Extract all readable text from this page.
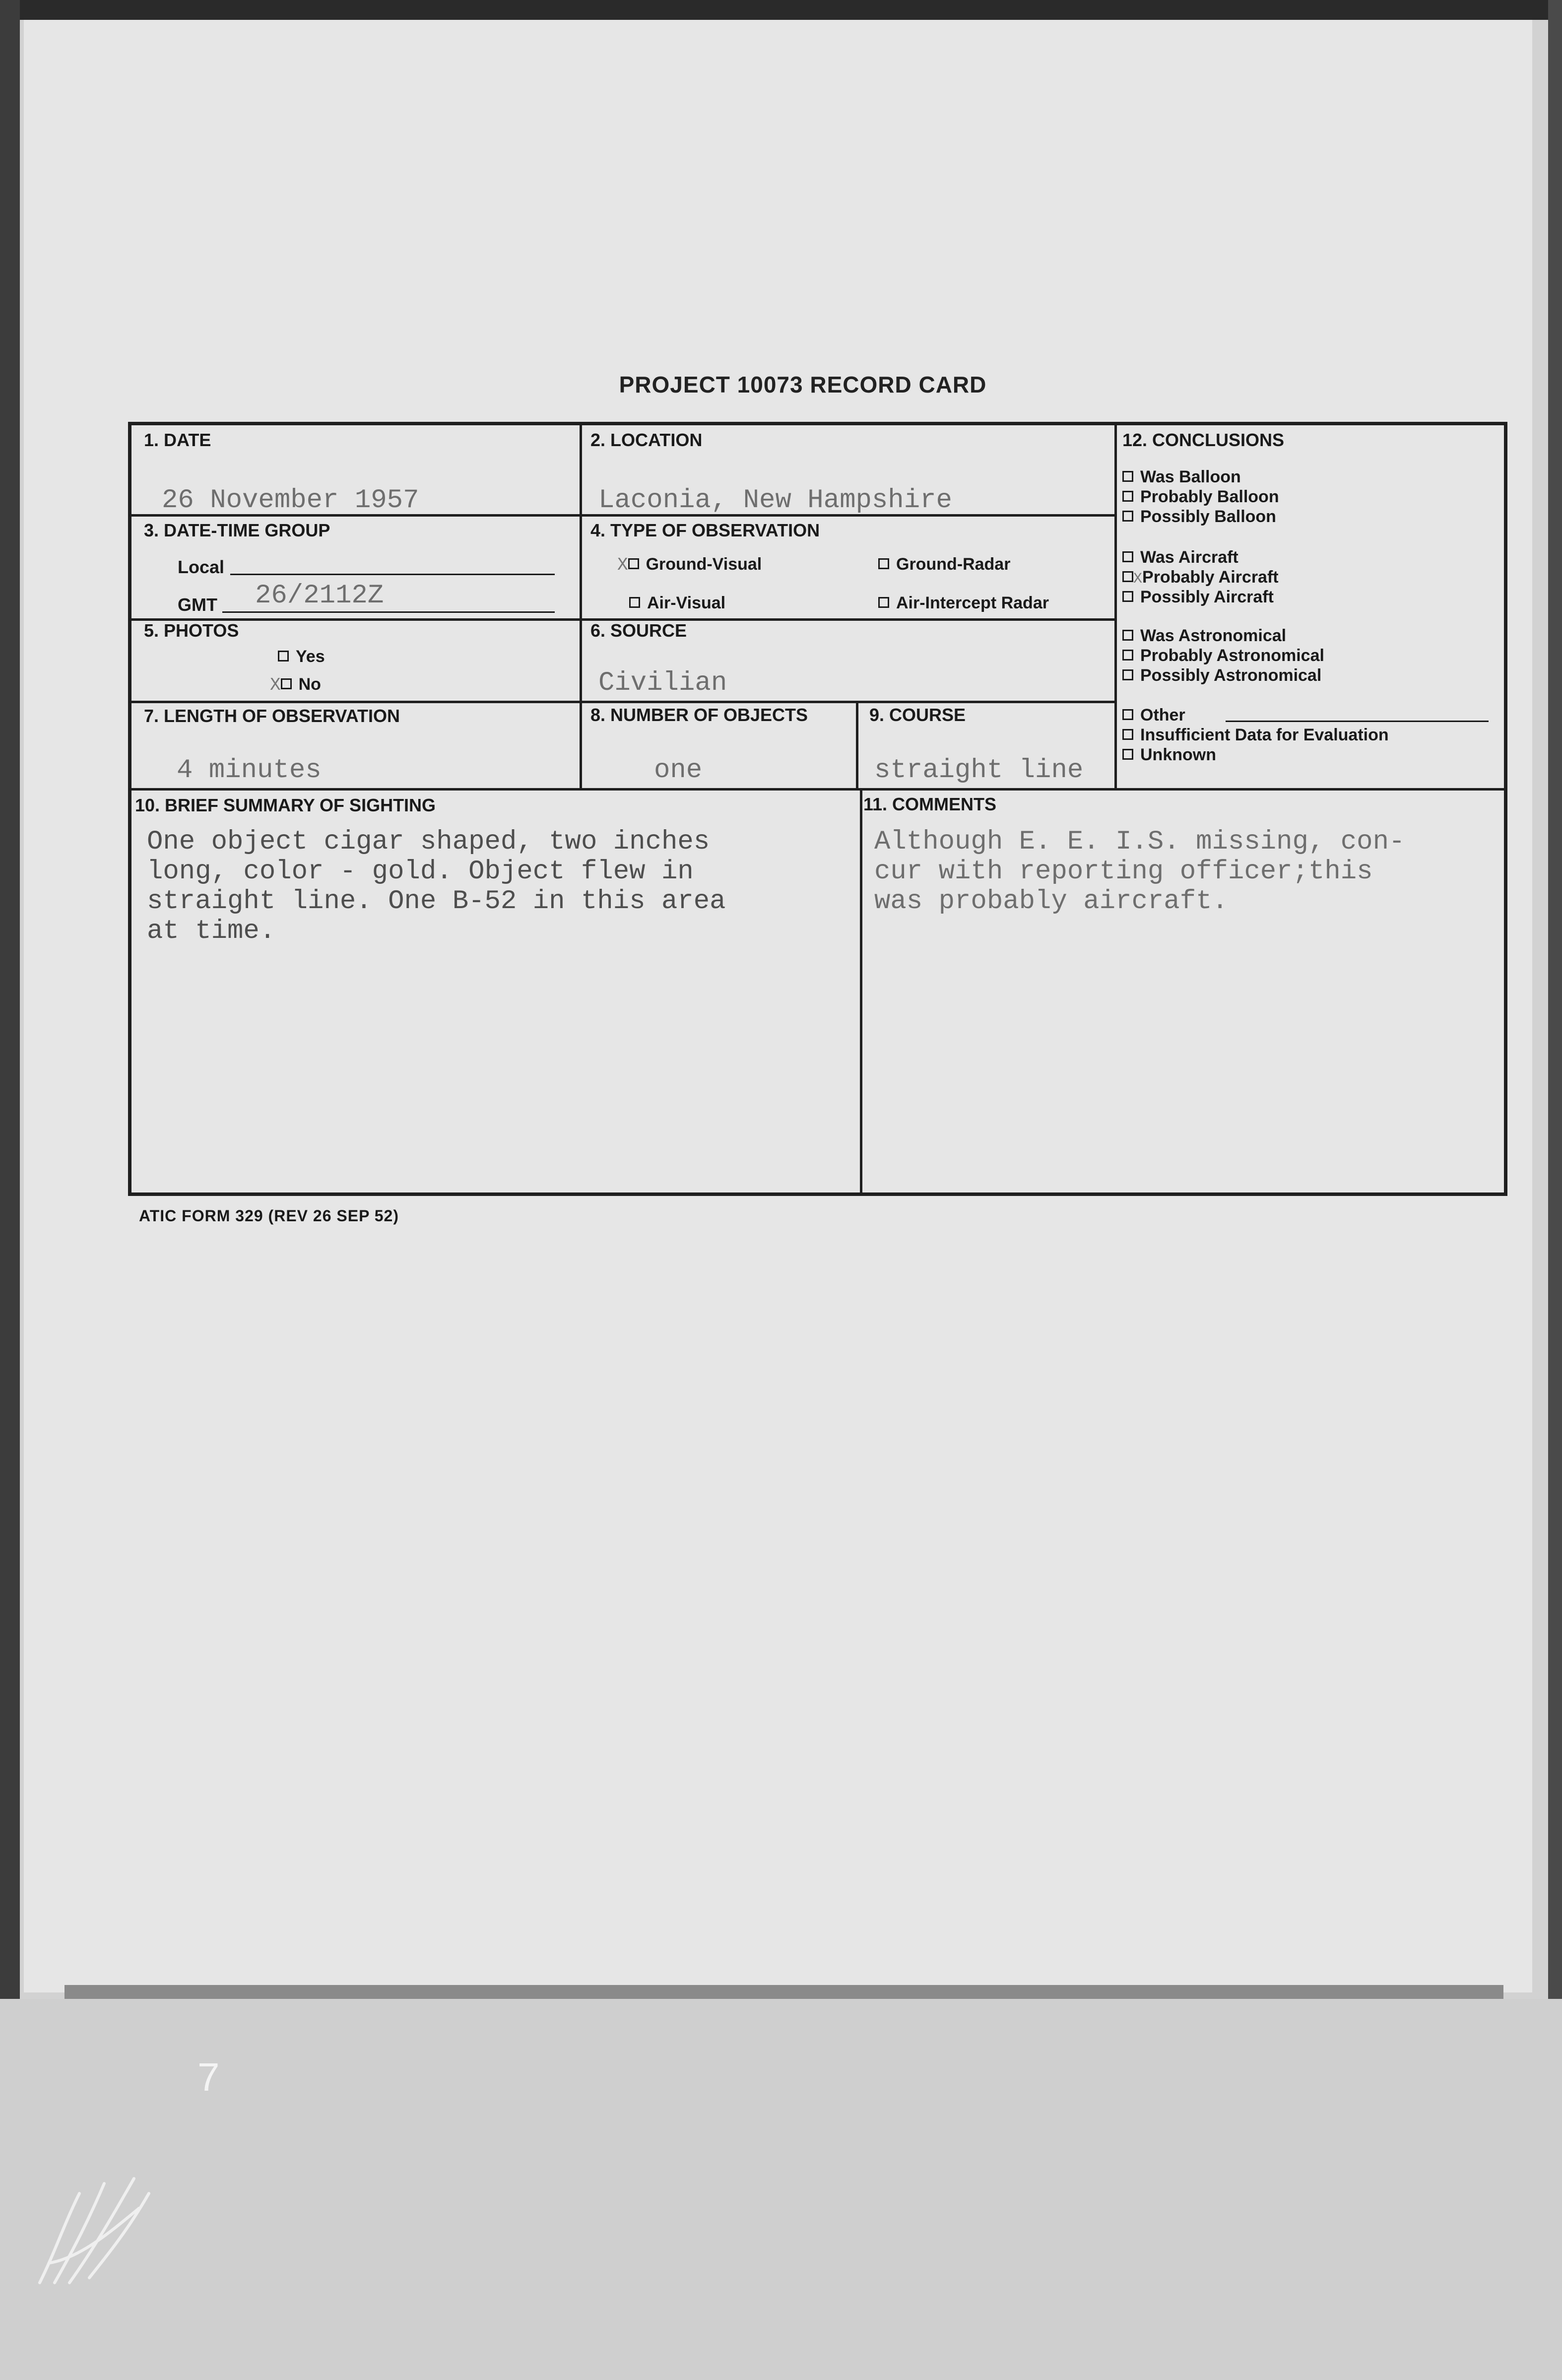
PROJECT 10073 RECORD CARD
1. DATE
26 November 1957
2. LOCATION
Laconia, New Hampshire
3. DATE-TIME GROUP
Local
GMT 26/2112Z
4. TYPE OF OBSERVATION
X Ground-Visual	Ground-Radar
Air-Visual	Air-Intercept Radar
5. PHOTOS
Yes
X No
6. SOURCE
Civilian
7. LENGTH OF OBSERVATION
4 minutes
8. NUMBER OF OBJECTS
one
9. COURSE
straight line
10. BRIEF SUMMARY OF SIGHTING
One object cigar shaped, two inches
long, color - gold. Object flew in
straight line. One B-52 in this area
at time.
11. COMMENTS
Although E. E. I.S. missing, con-
cur with reporting officer;this
was probably aircraft.
12. CONCLUSIONS
Was Balloon
Probably Balloon
Possibly Balloon
Was Aircraft
XProbably Aircraft
Possibly Aircraft
Was Astronomical
Probably Astronomical
Possibly Astronomical
Other
Insufficient Data for Evaluation
Unknown
ATIC FORM 329 (REV 26 SEP 52)
7
